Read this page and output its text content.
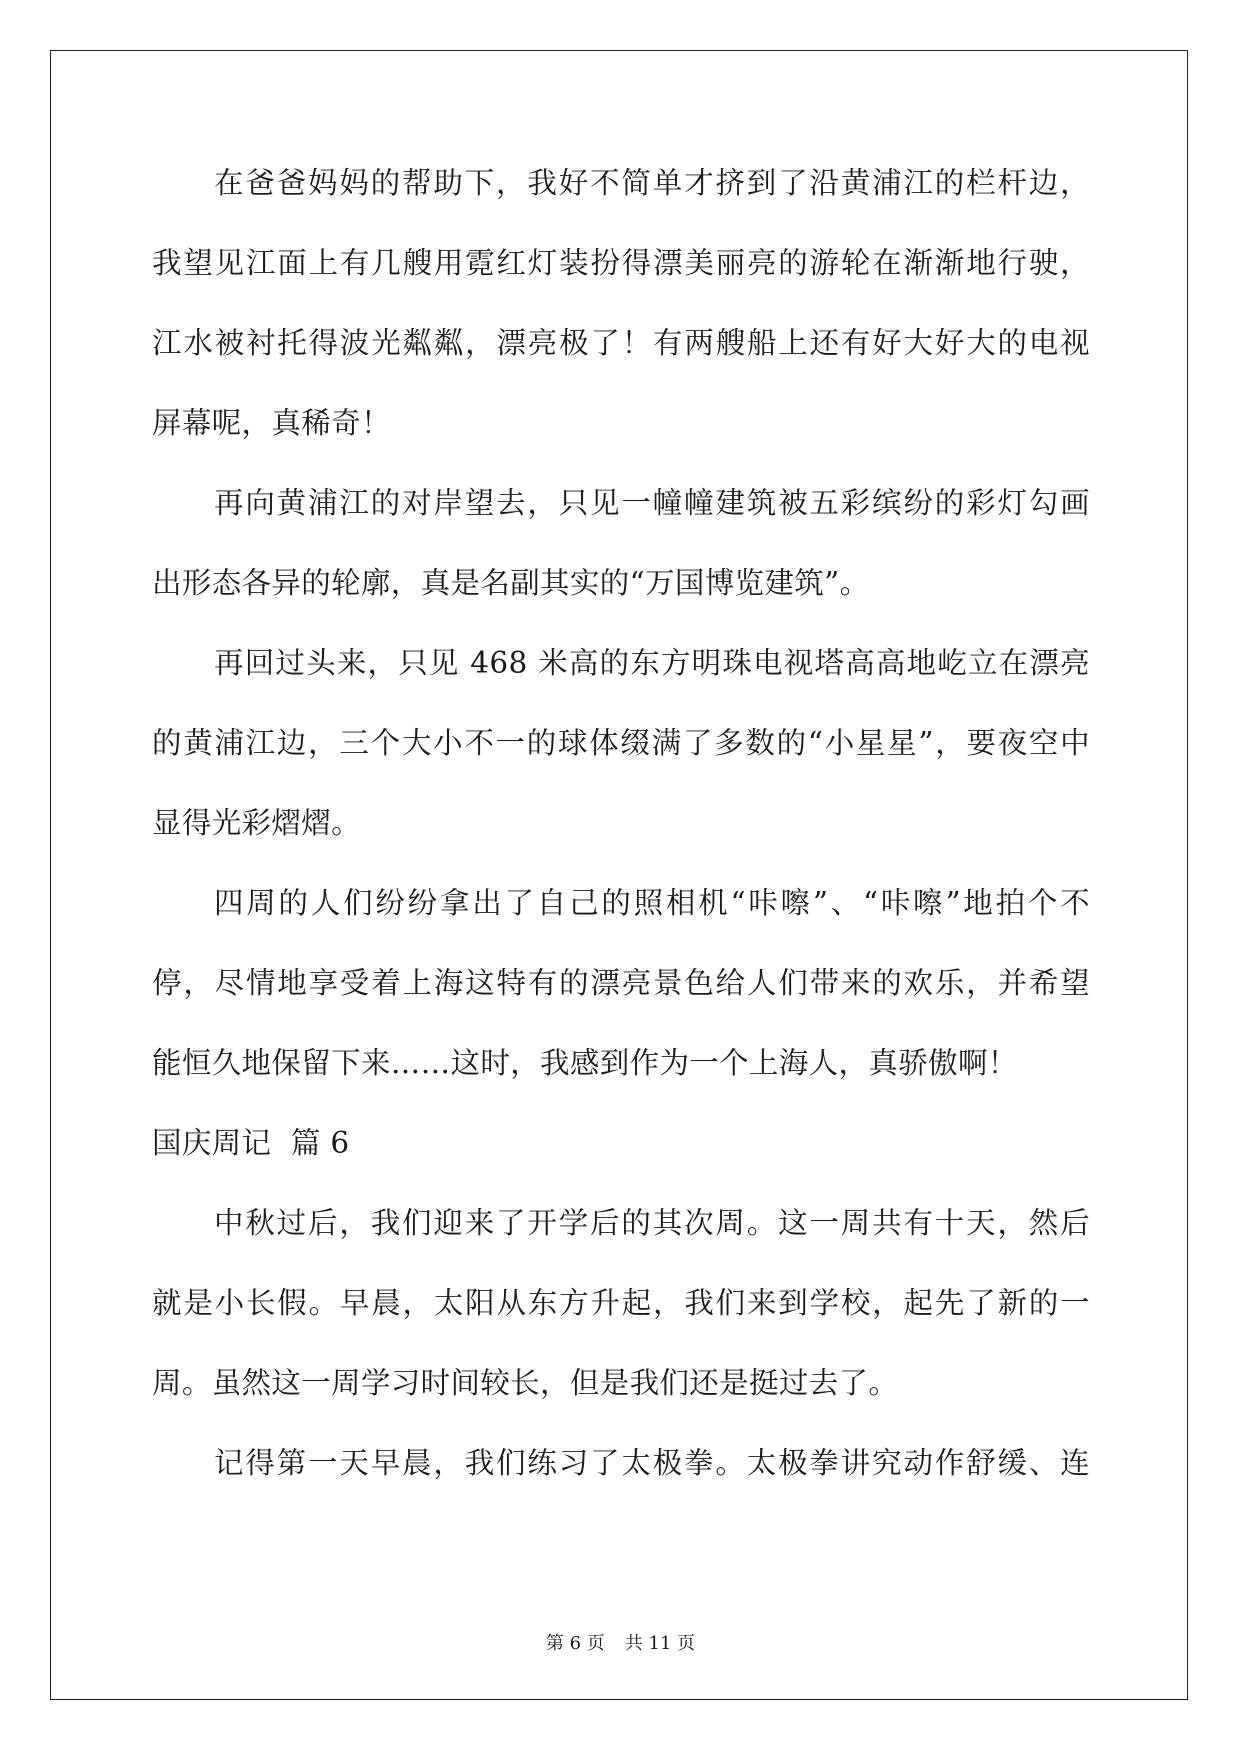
在爸爸妈妈的帮助下，我好不简单才挤到了沿黄浦江的栏杆边，
我望见江面上有几艘用霓红灯装扮得漂美丽亮的游轮在渐渐地行驶，
江水被衬托得波光粼粼，漂亮极了！有两艘船上还有好大好大的电视
屏幕呢，真稀奇！
再向黄浦江的对岸望去，只见一幢幢建筑被五彩缤纷的彩灯勾画
出形态各异的轮廓，真是名副其实的“万国博览建筑”。
再回过头来，只见 468 米高的东方明珠电视塔高高地屹立在漂亮
的黄浦江边，三个大小不一的球体缀满了多数的“小星星”，要夜空中
显得光彩熠熠。
四周的人们纷纷拿出了自己的照相机“咔嚓”、“咔嚓”地拍个不
停，尽情地享受着上海这特有的漂亮景色给人们带来的欢乐，并希望
能恒久地保留下来……这时，我感到作为一个上海人，真骄傲啊！
国庆周记  篇 6
中秋过后，我们迎来了开学后的其次周。这一周共有十天，然后
就是小长假。早晨，太阳从东方升起，我们来到学校，起先了新的一
周。虽然这一周学习时间较长，但是我们还是挺过去了。
记得第一天早晨，我们练习了太极拳。太极拳讲究动作舒缓、连
第 6 页 共 11 页
